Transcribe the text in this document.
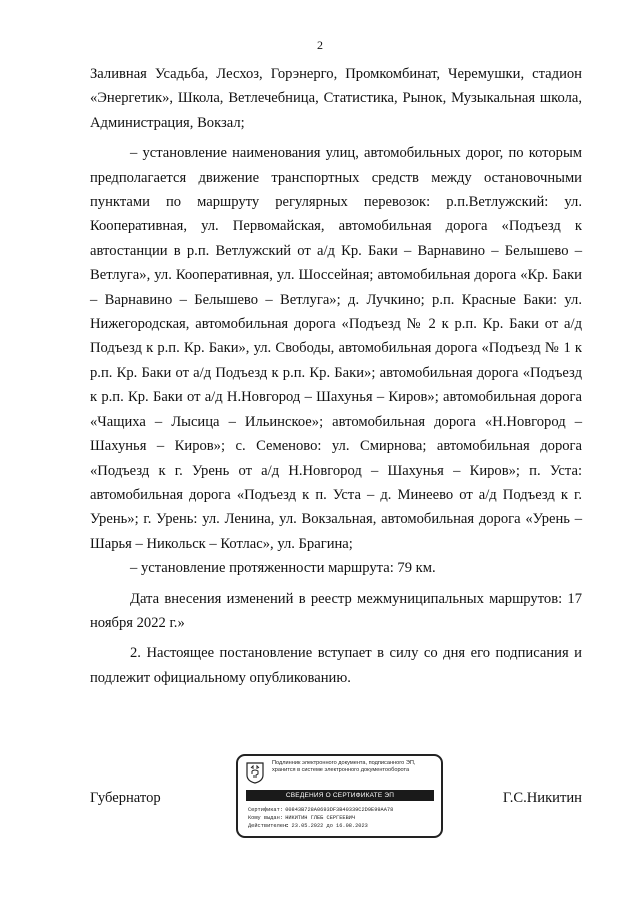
2

Заливная Усадьба, Лесхоз, Горэнерго, Промкомбинат, Черемушки, стадион «Энергетик», Школа, Ветлечебница, Статистика, Рынок, Музыкальная школа, Администрация, Вокзал;

– установление наименования улиц, автомобильных дорог, по которым предполагается движение транспортных средств между остановочными пунктами по маршруту регулярных перевозок: р.п.Ветлужский: ул. Кооперативная, ул. Первомайская, автомобильная дорога «Подъезд к автостанции в р.п. Ветлужский от а/д Кр. Баки – Варнавино – Белышево – Ветлуга», ул. Кооперативная, ул. Шоссейная; автомобильная дорога «Кр. Баки – Варнавино – Белышево – Ветлуга»; д. Лучкино; р.п. Красные Баки: ул. Нижегородская, автомобильная дорога «Подъезд № 2 к р.п. Кр. Баки от а/д Подъезд к р.п. Кр. Баки», ул. Свободы, автомобильная дорога «Подъезд № 1 к р.п. Кр. Баки от а/д Подъезд к р.п. Кр. Баки»; автомобильная дорога «Подъезд к р.п. Кр. Баки от а/д Н.Новгород – Шахунья – Киров»; автомобильная дорога «Чащиха – Лысица – Ильинское»; автомобильная дорога «Н.Новгород – Шахунья – Киров»; с. Семеново: ул. Смирнова; автомобильная дорога «Подъезд к г. Урень от а/д Н.Новгород – Шахунья – Киров»; п. Уста: автомобильная дорога «Подъезд к п. Уста – д. Минеево от а/д Подъезд к г. Урень»; г. Урень: ул. Ленина, ул. Вокзальная, автомобильная дорога «Урень – Шарья – Никольск – Котлас», ул. Брагина;

– установление протяженности маршрута: 79 км.

Дата внесения изменений в реестр межмуниципальных маршрутов: 17 ноября 2022 г.»

2. Настоящее постановление вступает в силу со дня его подписания и подлежит официальному опубликованию.

Губернатор	Г.С.Никитин
Подлинник электронного документа, подписанного ЭП,
хранится в системе электронного документооборота
СВЕДЕНИЯ О СЕРТИФИКАТЕ ЭП
Сертификат: 00843B728A0693DF3B40339C2D9E99AA78
Кому выдан: НИКИТИН ГЛЕБ СЕРГЕЕВИЧ
Действителен: с 23.05.2022 до 16.08.2023
